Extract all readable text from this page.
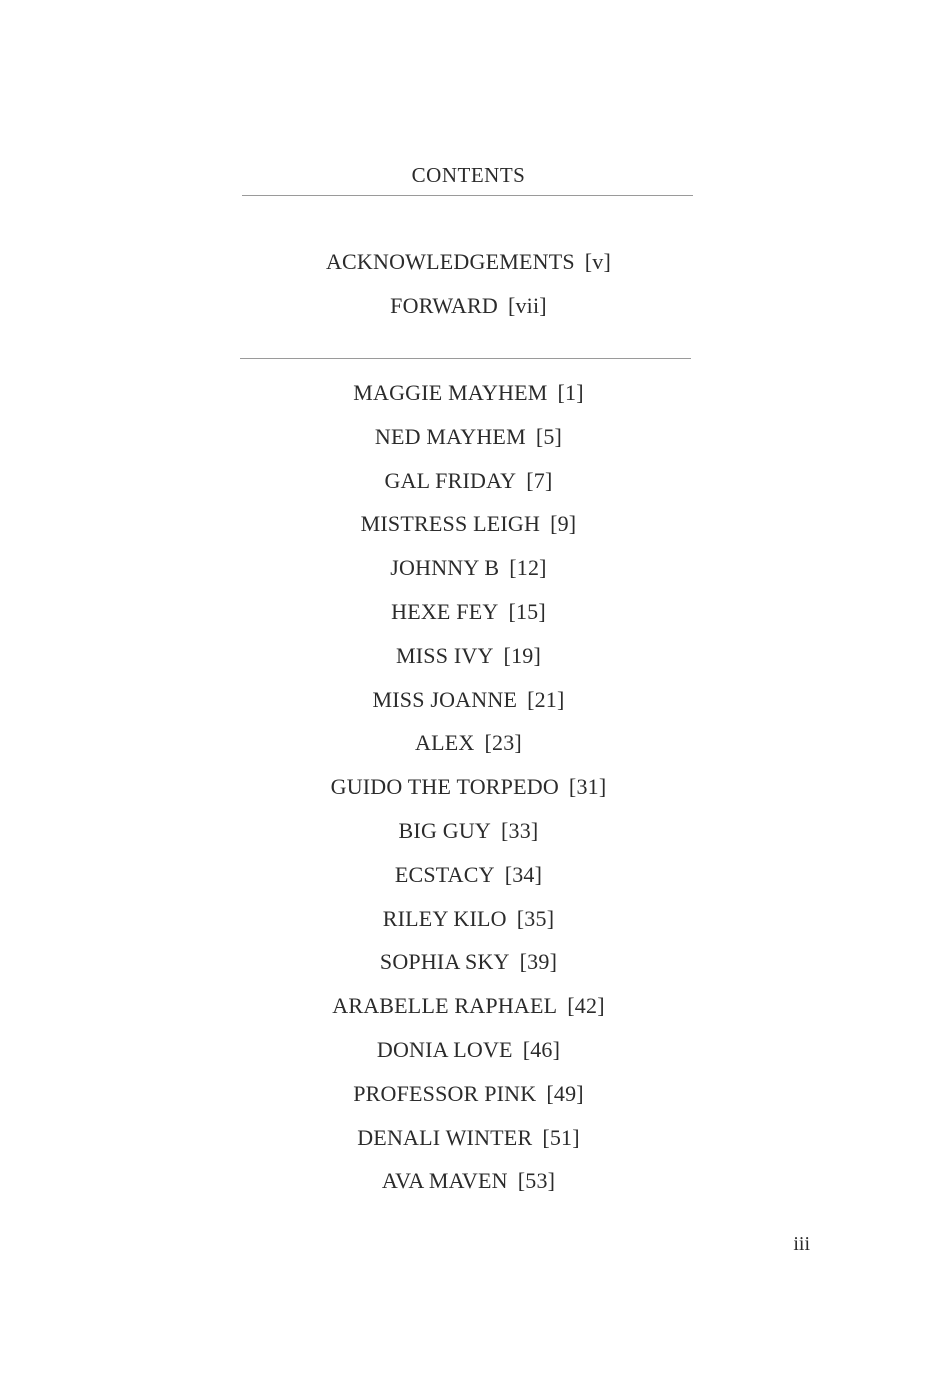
CONTENTS
ACKNOWLEDGEMENTS [v]
FORWARD [vii]
MAGGIE MAYHEM [1]
NED MAYHEM [5]
GAL FRIDAY [7]
MISTRESS LEIGH [9]
JOHNNY B [12]
HEXE FEY [15]
MISS IVY [19]
MISS JOANNE [21]
ALEX [23]
GUIDO THE TORPEDO [31]
BIG GUY [33]
ECSTACY [34]
RILEY KILO [35]
SOPHIA SKY [39]
ARABELLE RAPHAEL [42]
DONIA LOVE [46]
PROFESSOR PINK [49]
DENALI WINTER [51]
AVA MAVEN [53]
iii
